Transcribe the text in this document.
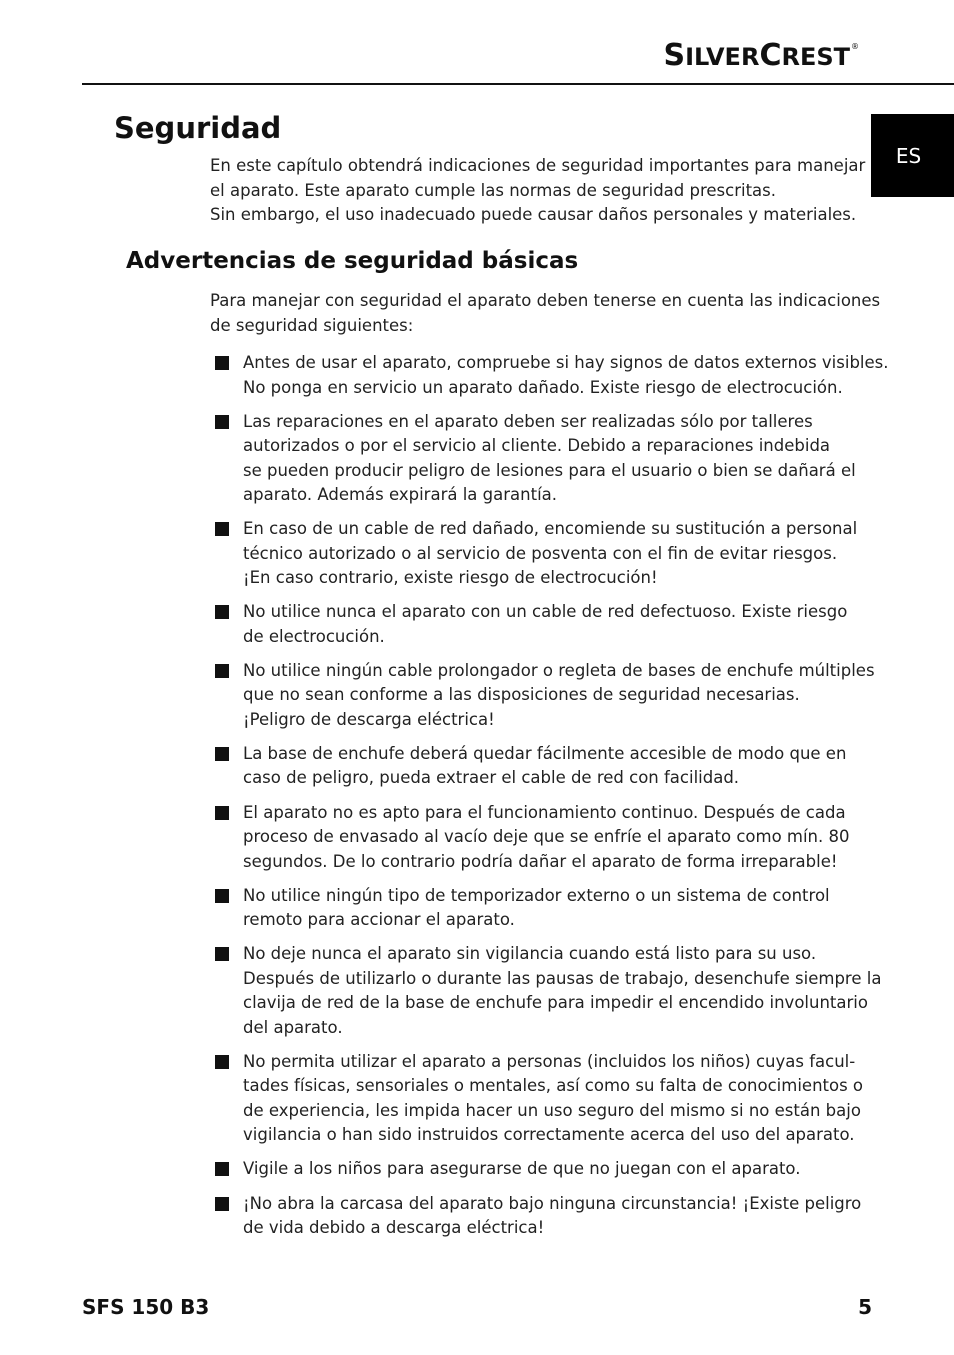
SILVERCREST®
ES
Seguridad
En este capítulo obtendrá indicaciones de seguridad importantes para manejar
el aparato. Este aparato cumple las normas de seguridad prescritas.
Sin embargo, el uso inadecuado puede causar daños personales y materiales.
Advertencias de seguridad básicas
Para manejar con seguridad el aparato deben tenerse en cuenta las indicaciones
de seguridad siguientes:
Antes de usar el aparato, compruebe si hay signos de datos externos visibles.
No ponga en servicio un aparato dañado. Existe riesgo de electrocución.
Las reparaciones en el aparato deben ser realizadas sólo por talleres
autorizados o por el servicio al cliente. Debido a reparaciones indebida
se pueden producir peligro de lesiones para el usuario o bien se dañará el
aparato. Además expirará la garantía.
En caso de un cable de red dañado, encomiende su sustitución a personal
técnico autorizado o al servicio de posventa con el fin de evitar riesgos.
¡En caso contrario, existe riesgo de electrocución!
No utilice nunca el aparato con un cable de red defectuoso. Existe riesgo
de electrocución.
No utilice ningún cable prolongador o regleta de bases de enchufe múltiples
que no sean conforme a las disposiciones de seguridad necesarias.
¡Peligro de descarga eléctrica!
La base de enchufe deberá quedar fácilmente accesible de modo que en
caso de peligro, pueda extraer el cable de red con facilidad.
El aparato no es apto para el funcionamiento continuo. Después de cada
proceso de envasado al vacío deje que se enfríe el aparato como mín. 80
segundos. De lo contrario podría dañar el aparato de forma irreparable!
No utilice ningún tipo de temporizador externo o un sistema de control
remoto para accionar el aparato.
No deje nunca el aparato sin vigilancia cuando está listo para su uso.
Después de utilizarlo o durante las pausas de trabajo, desenchufe siempre la
clavija de red de la base de enchufe para impedir el encendido involuntario
del aparato.
No permita utilizar el aparato a personas (incluidos los niños) cuyas facul-
tades físicas, sensoriales o mentales, así como su falta de conocimientos o
de experiencia, les impida hacer un uso seguro del mismo si no están bajo
vigilancia o han sido instruidos correctamente acerca del uso del aparato.
Vigile a los niños para asegurarse de que no juegan con el aparato.
¡No abra la carcasa del aparato bajo ninguna circunstancia! ¡Existe peligro
de vida debido a descarga eléctrica!
SFS 150 B3	5
